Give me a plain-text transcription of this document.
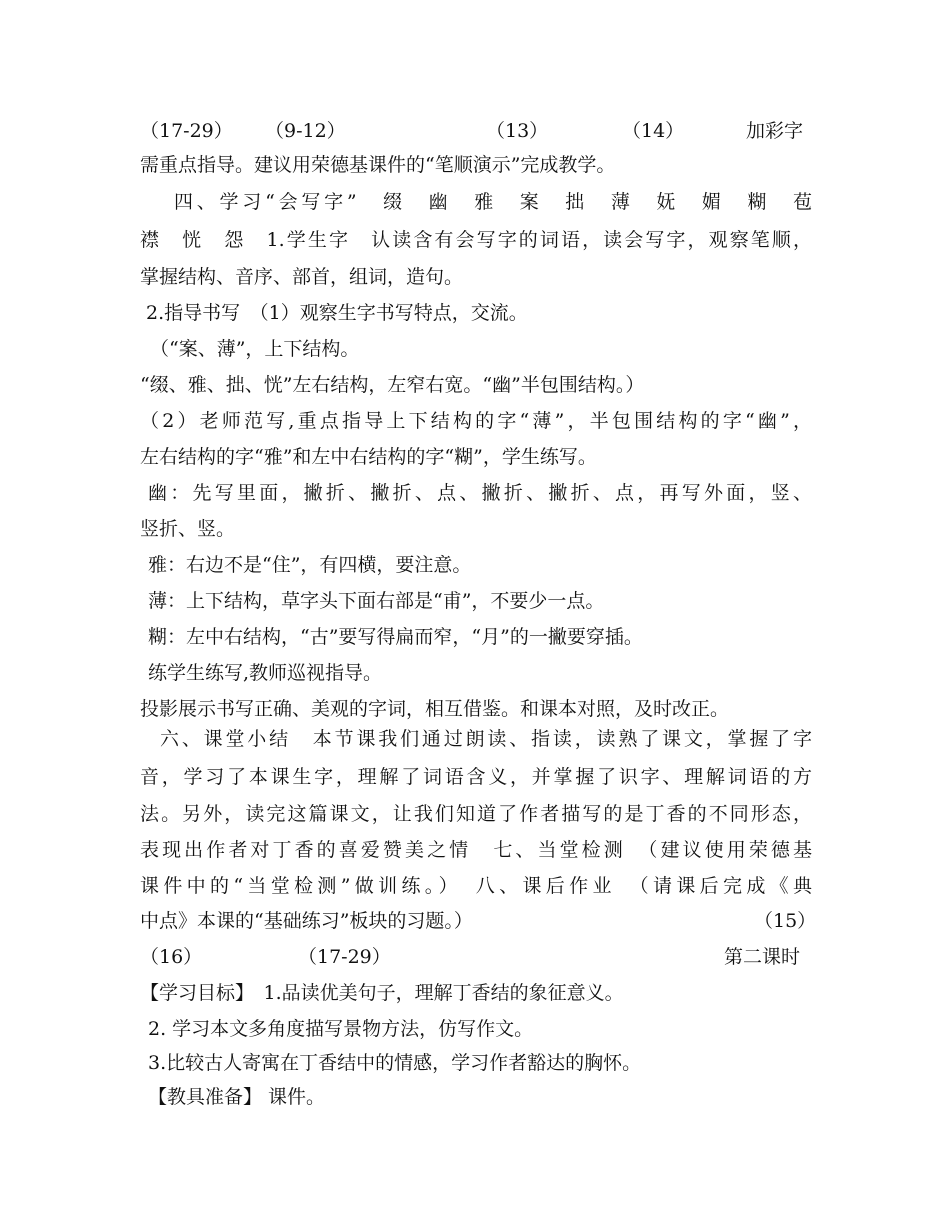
（17-29） （9-12）	（13）	（14）	加彩字
需重点指导。建议用荣德基课件的“笔顺演示”完成教学。
四、学习“会写字”　缀　幽　雅　案　拙　薄　妩　媚　糊　苞
襟　恍　怨　1.学生字　认读含有会写字的词语，读会写字，观察笔顺，
掌握结构、音序、部首，组词，造句。
2.指导书写　（1）观察生字书写特点，交流。
（“案、薄”，上下结构。
“缀、雅、拙、恍”左右结构，左窄右宽。“幽”半包围结构。）
（2）老师范写,重点指导上下结构的字“薄”，半包围结构的字“幽”，
左右结构的字“雅”和左中右结构的字“糊”，学生练写。
幽：先写里面，撇折、撇折、点、撇折、撇折、点，再写外面，竖、
竖折、竖。
雅：右边不是“住”，有四横，要注意。
薄：上下结构，草字头下面右部是“甫”，不要少一点。
糊：左中右结构，“古”要写得扁而窄，“月”的一撇要穿插。
练学生练写,教师巡视指导。
投影展示书写正确、美观的字词，相互借鉴。和课本对照，及时改正。
六、课堂小结　本节课我们通过朗读、指读，读熟了课文，掌握了字
音，学习了本课生字，理解了词语含义，并掌握了识字、理解词语的方
法。另外，读完这篇课文，让我们知道了作者描写的是丁香的不同形态，
表现出作者对丁香的喜爱赞美之情　七、当堂检测　（建议使用荣德基
课件中的“当堂检测”做训练。）　八、课后作业　（请课后完成《典
中点》本课的“基础练习”板块的习题。）	（15）
（16）	（17-29）	第二课时
【学习目标】　1.品读优美句子，理解丁香结的象征意义。
2. 学习本文多角度描写景物方法，仿写作文。
3.比较古人寄寓在丁香结中的情感，学习作者豁达的胸怀。
【教具准备】 课件。
